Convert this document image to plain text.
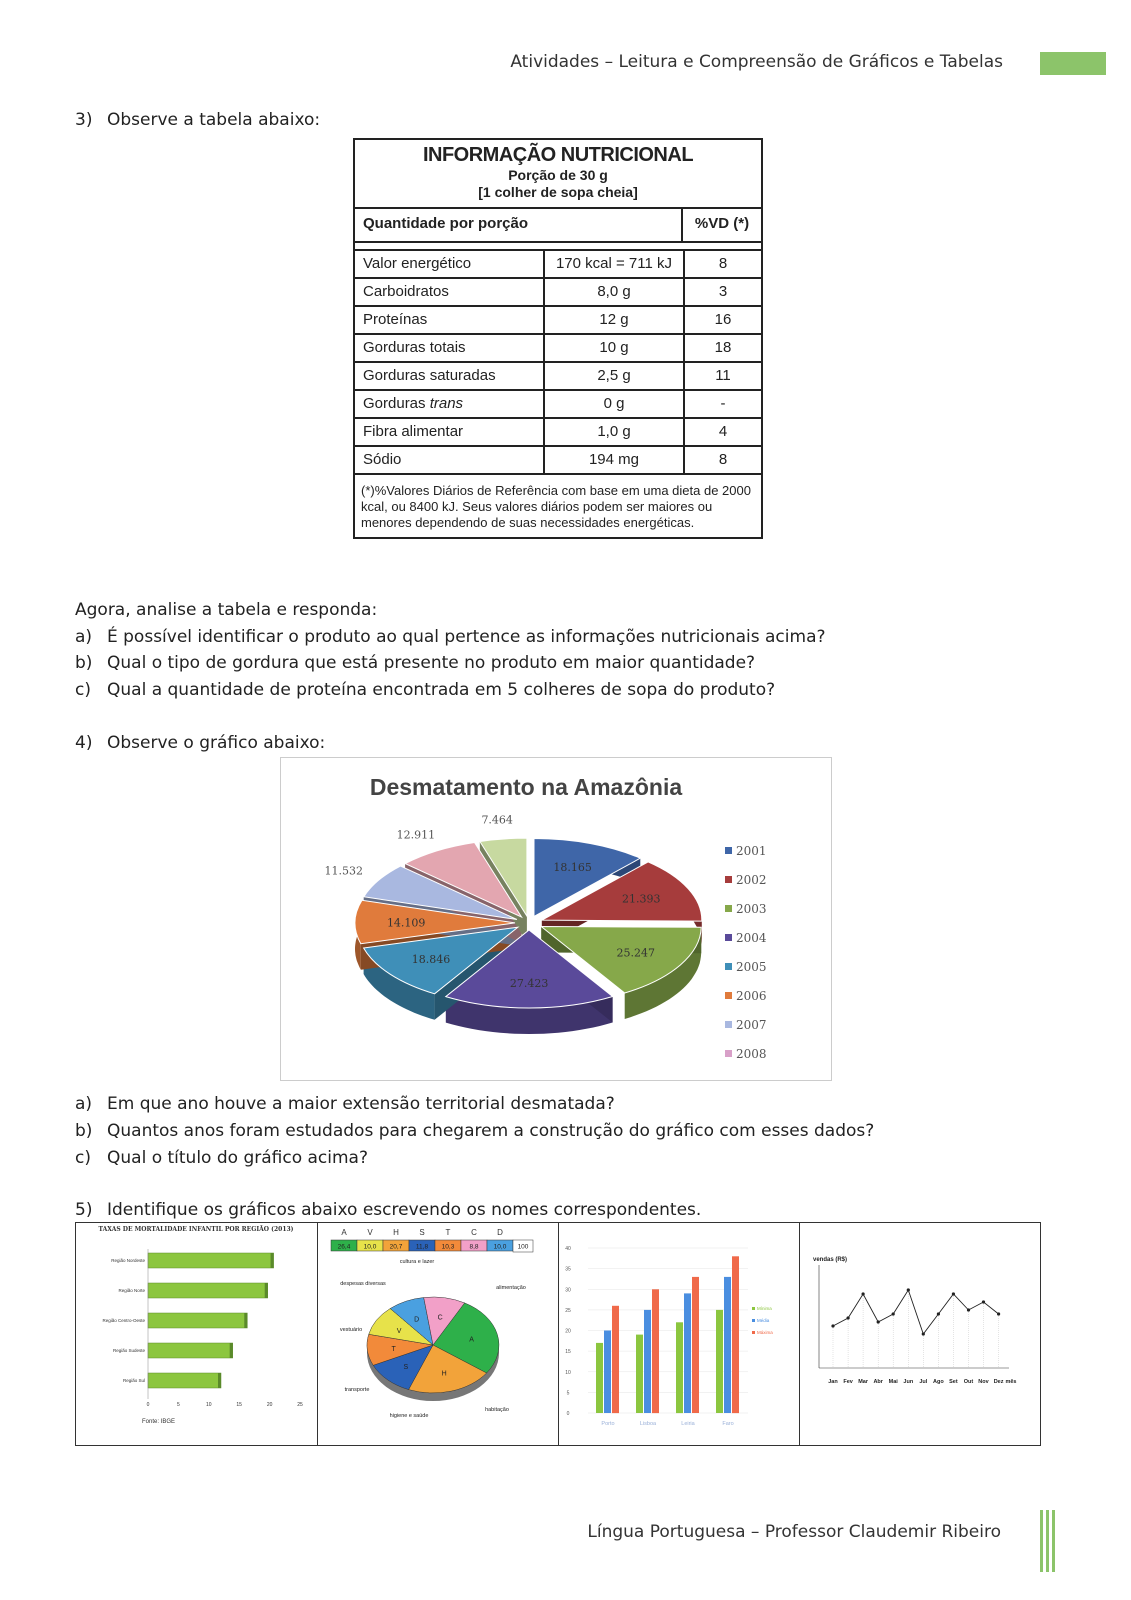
Atividades – Leitura e Compreensão de Gráficos e Tabelas
3) Observe a tabela abaixo:
INFORMAÇÃO NUTRICIONAL
Porção de 30 g
[1 colher de sopa cheia]
Quantidade por porção	%VD (*)
Valor energético	170 kcal = 711 kJ	8
Carboidratos	8,0 g	3
Proteínas	12 g	16
Gorduras totais	10 g	18
Gorduras saturadas	2,5 g	11
Gorduras trans	0 g	-
Fibra alimentar	1,0 g	4
Sódio	194 mg	8
(*)%Valores Diários de Referência com base em uma dieta de 2000 kcal, ou 8400 kJ. Seus valores diários podem ser maiores ou menores dependendo de suas necessidades energéticas.
Agora, analise a tabela e responda:
a) É possível identificar o produto ao qual pertence as informações nutricionais acima?
b) Qual o tipo de gordura que está presente no produto em maior quantidade?
c) Qual a quantidade de proteína encontrada em 5 colheres de sopa do produto?
4) Observe o gráfico abaixo:
Desmatamento na Amazônia
18.165
21.393
25.247
27.423
18.846
14.109
11.532
12.911
7.464
2001
2002
2003
2004
2005
2006
2007
2008
a) Em que ano houve a maior extensão territorial desmatada?
b) Quantos anos foram estudados para chegarem a construção do gráfico com esses dados?
c) Qual o título do gráfico acima?
5) Identifique os gráficos abaixo escrevendo os nomes correspondentes.
TAXAS DE MORTALIDADE INFANTIL POR REGIÃO (2013)
Região Nordeste
Região Norte
Região Centro-Oeste
Região Sudeste
Região Sul
0	5	10	15	20	25
Fonte: IBGE
A
26,4
V
10,0
H
20,7
S
11,8
T
10,3
C
8,8
D
10,0 100
A
H
S
T
V
D	C
cultura e lazer
despesas diversas
alimentação
vestuário
transporte
higiene e saúde
habitação
0
5
10
15
20
25
30
35
40
Porto	Lisboa	Leiria	Faro
Mínima
Média
Máxima
vendas (R$)
Jan Fev Mar Abr Mai Jun Jul Ago Set Out Nov Dez mês
Língua Portuguesa – Professor Claudemir Ribeiro
